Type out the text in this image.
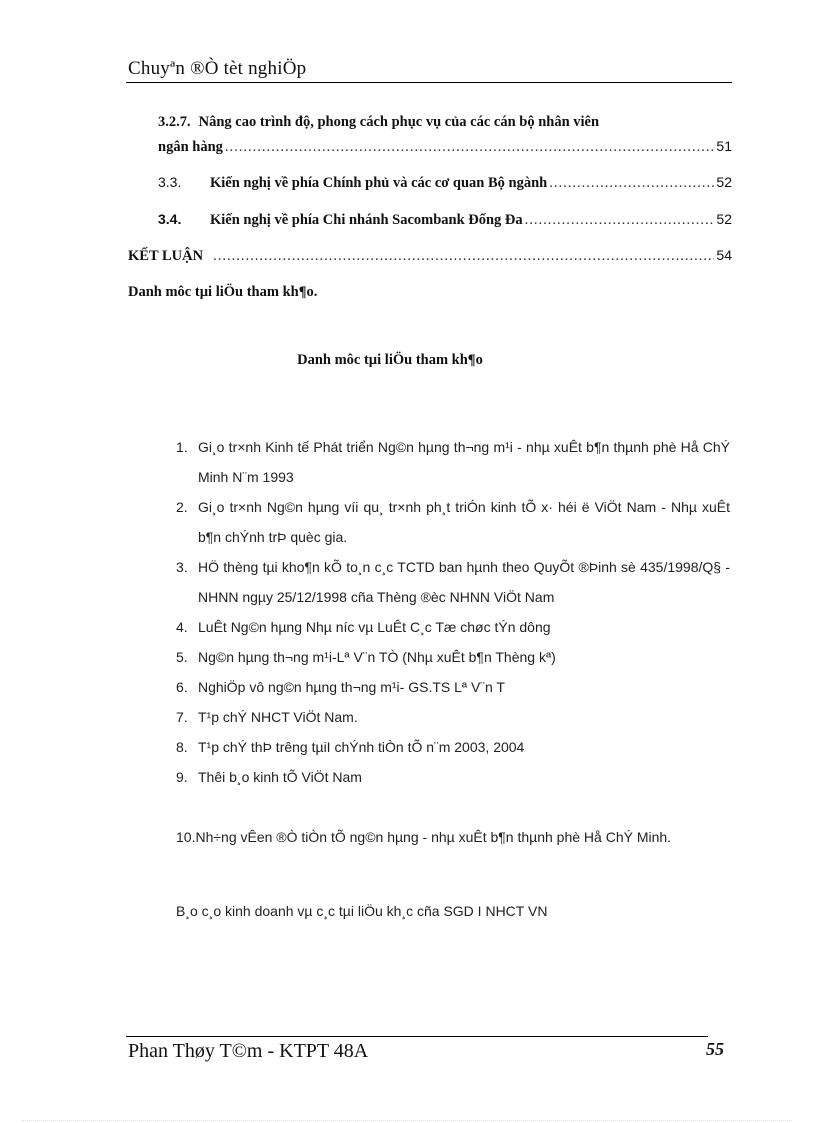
Chuyªn ®Ò tèt nghiÖp
3.2.7. Nâng cao trình độ, phong cách phục vụ của các cán bộ nhân viên
ngân hàng .....	51
3.3.	Kiến nghị về phía Chính phủ và các cơ quan Bộ ngành .....	52
3.4.	Kiến nghị về phía Chi nhánh Sacombank Đống Đa .....	52
KẾT LUẬN .....	54
Danh môc tµi liÖu tham kh¶o.
Danh môc tµi liÖu tham kh¶o
1. Gi¸o tr×nh Kinh tế Phát triển Ng©n hµng th¬ng m¹i - nhµ xuÊt b¶n thµnh phè Hå ChÝ Minh N¨m 1993
2. Gi¸o tr×nh Ng©n hµng víi qu¸ tr×nh ph¸t triÓn kinh tÕ x· héi ë ViÖt Nam - Nhµ xuÊt b¶n chÝnh trÞ quèc gia.
3. HÖ thèng tµi kho¶n kÕ to¸n c¸c TCTD ban hµnh theo QuyÕt ®Þinh sè 435/1998/Q§ - NHNN ngµy 25/12/1998 cña Thèng ®èc NHNN ViÖt Nam
4. LuÊt Ng©n hµng Nhµ níc vµ LuÊt C¸c Tæ chøc tÝn dông
5. Ng©n hµng th¬ng m¹i-Lª V¨n TÒ (Nhµ xuÊt b¶n Thèng kª)
6. NghiÖp vô ng©n hµng th¬ng m¹i- GS.TS Lª V¨n T
7. T¹p chÝ NHCT ViÖt Nam.
8. T¹p chÝ thÞ trêng tµiI chÝnh tiÒn tÕ n¨m 2003, 2004
9. Thêi b¸o kinh tÕ ViÖt Nam
10.Nh÷ng vÊen ®Ò tiÒn tÕ ng©n hµng - nhµ xuÊt b¶n thµnh phè Hå ChÝ Minh.
B¸o c¸o kinh doanh vµ c¸c tµi liÖu kh¸c cña SGD I NHCT VN
Phan Thøy T©m - KTPT 48A	55
